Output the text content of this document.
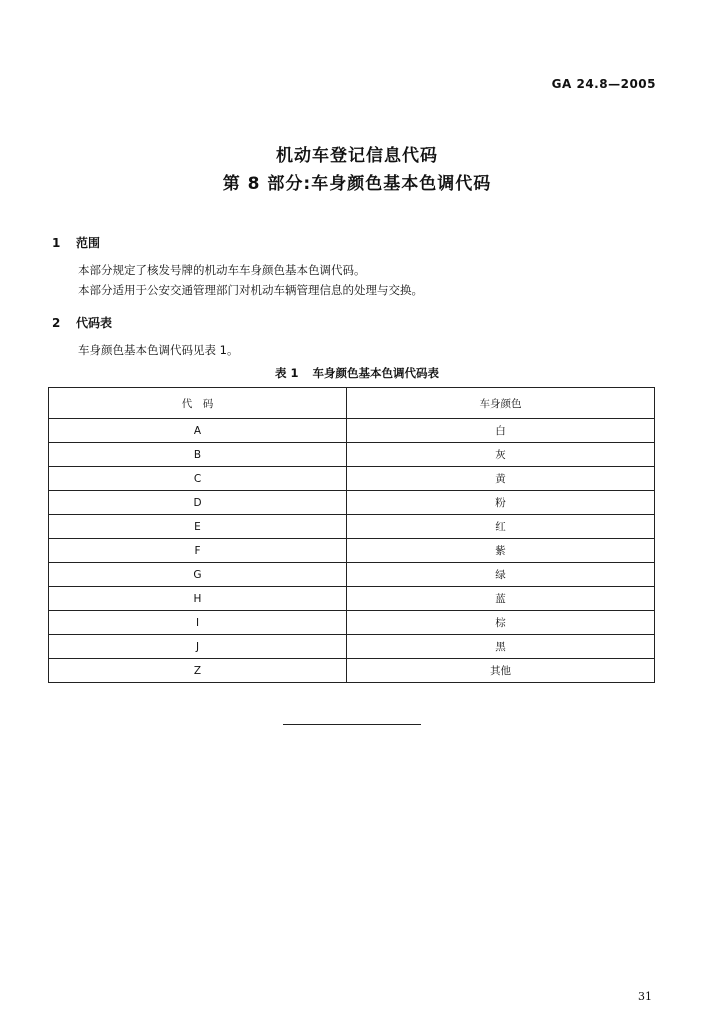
GA 24.8—2005
机动车登记信息代码
第 8 部分:车身颜色基本色调代码
1 范围
本部分规定了核发号牌的机动车车身颜色基本色调代码。
本部分适用于公安交通管理部门对机动车辆管理信息的处理与交换。
2 代码表
车身颜色基本色调代码见表 1。
表 1 车身颜色基本色调代码表
代　码	车身颜色
A	白
B	灰
C	黄
D	粉
E	红
F	紫
G	绿
H	蓝
I	棕
J	黑
Z	其他
31
